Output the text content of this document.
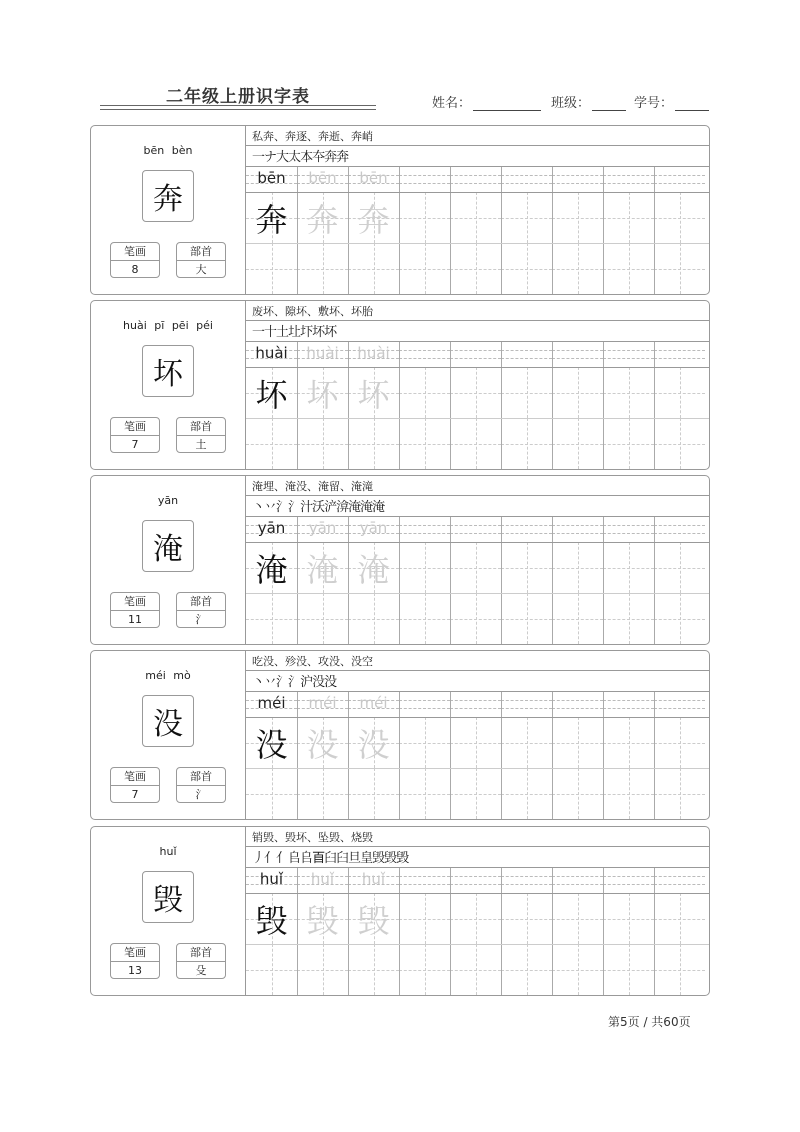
二年级上册识字表	姓名：	班级：	学号：
bēn bèn
奔
笔画
8
部首
大
私奔、奔逐、奔逝、奔峭
一ナ大太本夲奔奔
bēn
奔
bēn
奔
bēn
奔
huài pī pēi péi
坏
笔画
7
部首
土
废坏、隙坏、敷坏、坏胎
一十土圵圷坏坏
huài
坏
huài
坏
huài
坏
yān
淹
笔画
11
部首
氵
淹埋、淹没、淹留、淹滝
丶丷氵氵汁沃浐渰淹淹淹
yān
淹
yān
淹
yān
淹
méi mò
没
笔画
7
部首
氵
吃没、殄没、攻没、没空
丶丷氵氵沪没没
méi
没
méi
没
méi
没
huǐ
毁
笔画
13
部首
殳
销毁、毁坏、坠毁、烧毁
丿亻亻𠂤𠂤𦣻臼臼旦皇毁毁毁
huǐ
毁
huǐ
毁
huǐ
毁
第5页 / 共60页
